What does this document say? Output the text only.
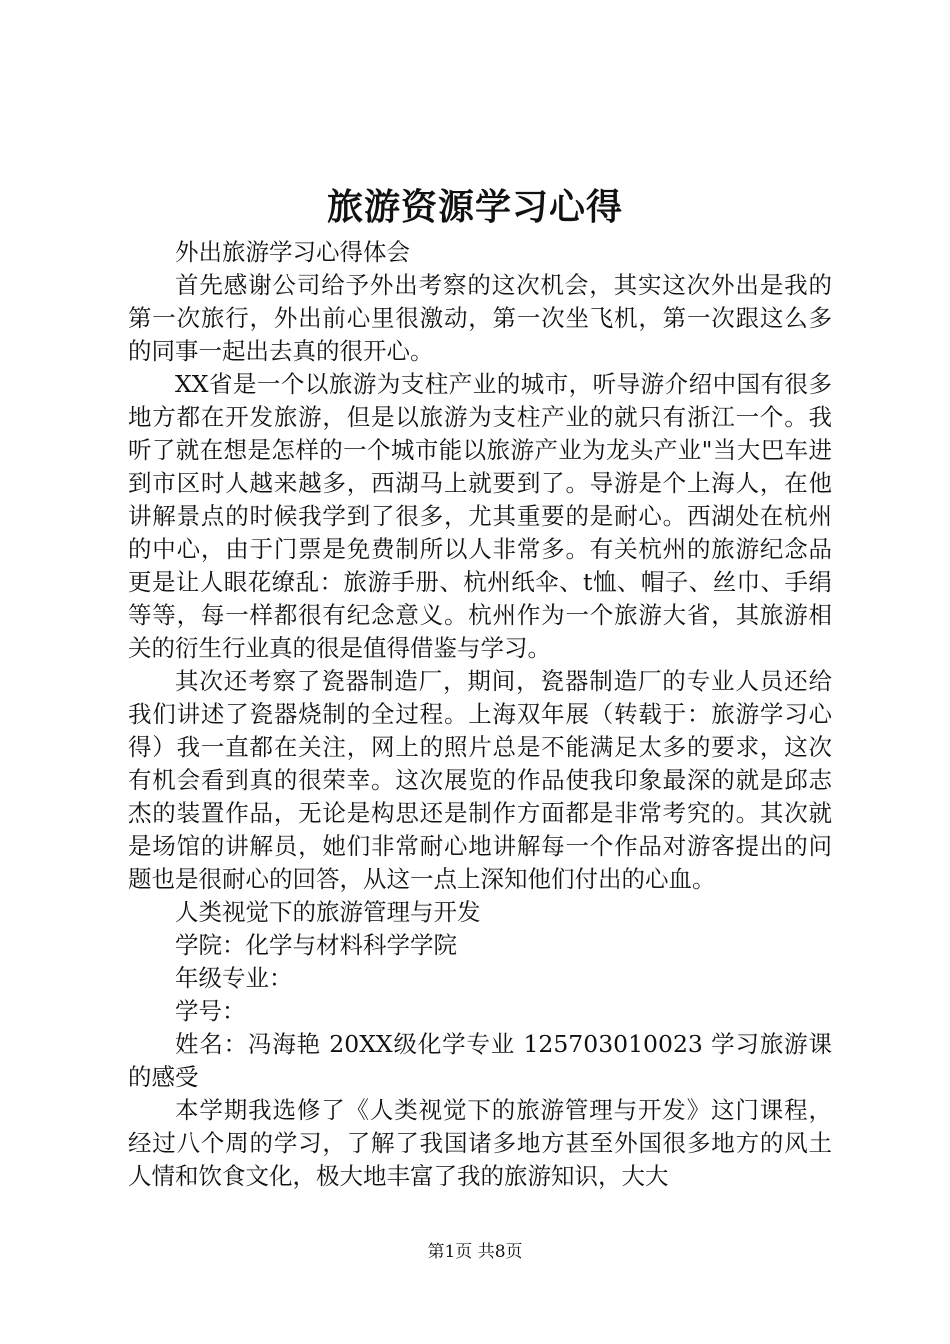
旅游资源学习心得

外出旅游学习心得体会

首先感谢公司给予外出考察的这次机会，其实这次外出是我的第一次旅行，外出前心里很激动，第一次坐飞机，第一次跟这么多的同事一起出去真的很开心。

XX省是一个以旅游为支柱产业的城市，听导游介绍中国有很多地方都在开发旅游，但是以旅游为支柱产业的就只有浙江一个。我听了就在想是怎样的一个城市能以旅游产业为龙头产业"当大巴车进到市区时人越来越多，西湖马上就要到了。导游是个上海人，在他讲解景点的时候我学到了很多，尤其重要的是耐心。西湖处在杭州的中心，由于门票是免费制所以人非常多。有关杭州的旅游纪念品更是让人眼花缭乱：旅游手册、杭州纸伞、t恤、帽子、丝巾、手绢等等，每一样都很有纪念意义。杭州作为一个旅游大省，其旅游相关的衍生行业真的很是值得借鉴与学习。

其次还考察了瓷器制造厂，期间，瓷器制造厂的专业人员还给我们讲述了瓷器烧制的全过程。上海双年展（转载于：旅游学习心得）我一直都在关注，网上的照片总是不能满足太多的要求，这次有机会看到真的很荣幸。这次展览的作品使我印象最深的就是邱志杰的装置作品，无论是构思还是制作方面都是非常考究的。其次就是场馆的讲解员，她们非常耐心地讲解每一个作品对游客提出的问题也是很耐心的回答，从这一点上深知他们付出的心血。

人类视觉下的旅游管理与开发

学院：化学与材料科学学院

年级专业：

学号：

姓名：冯海艳 20XX级化学专业 125703010023 学习旅游课的感受

本学期我选修了《人类视觉下的旅游管理与开发》这门课程，经过八个周的学习，了解了我国诸多地方甚至外国很多地方的风土人情和饮食文化，极大地丰富了我的旅游知识，大大

第1页 共8页
